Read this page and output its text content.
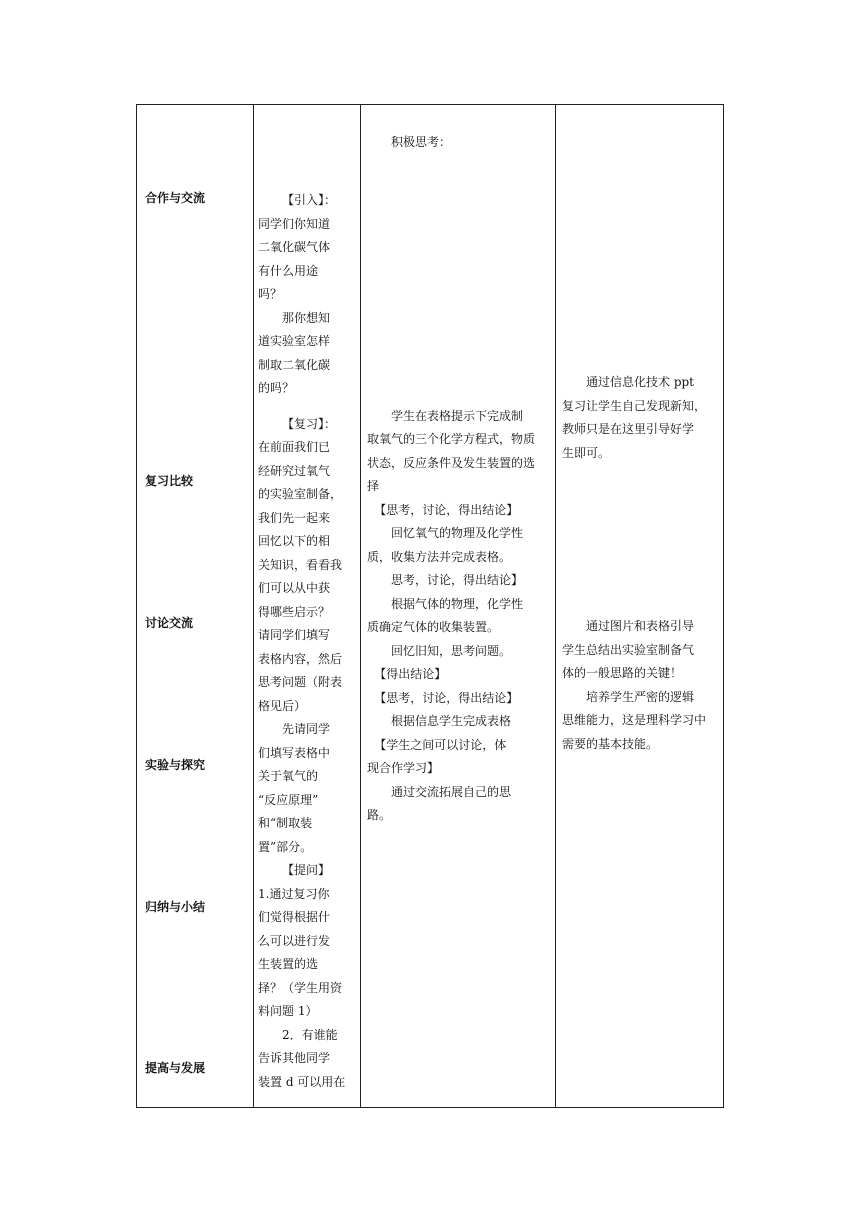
合作与交流
复习比较
讨论交流
实验与探究
归纳与小结
提高与发展
【引入】：
同学们你知道
二氧化碳气体
有什么用途
吗？
那你想知
道实验室怎样
制取二氧化碳
的吗？
【复习】：
在前面我们已
经研究过氧气
的实验室制备，
我们先一起来
回忆以下的相
关知识，看看我
们可以从中获
得哪些启示？
请同学们填写
表格内容，然后
思考问题（附表
格见后）
先请同学
们填写表格中
关于氧气的
“反应原理”
和“制取装
置”部分。
【提问】
1.通过复习你
们觉得根据什
么可以进行发
生装置的选
择？（学生用资
料问题 1）
2．有谁能
告诉其他同学
装置 d 可以用在
积极思考：
学生在表格提示下完成制
取氧气的三个化学方程式，物质
状态，反应条件及发生装置的选
择
【思考，讨论，得出结论】
回忆氧气的物理及化学性
质，收集方法并完成表格。
思考，讨论，得出结论】
根据气体的物理，化学性
质确定气体的收集装置。
回忆旧知，思考问题。
【得出结论】
【思考，讨论，得出结论】
根据信息学生完成表格
【学生之间可以讨论，体
现合作学习】
通过交流拓展自己的思
路。
通过信息化技术 ppt
复习让学生自己发现新知，
教师只是在这里引导好学
生即可。
通过图片和表格引导
学生总结出实验室制备气
体的一般思路的关键！
培养学生严密的逻辑
思维能力，这是理科学习中
需要的基本技能。
